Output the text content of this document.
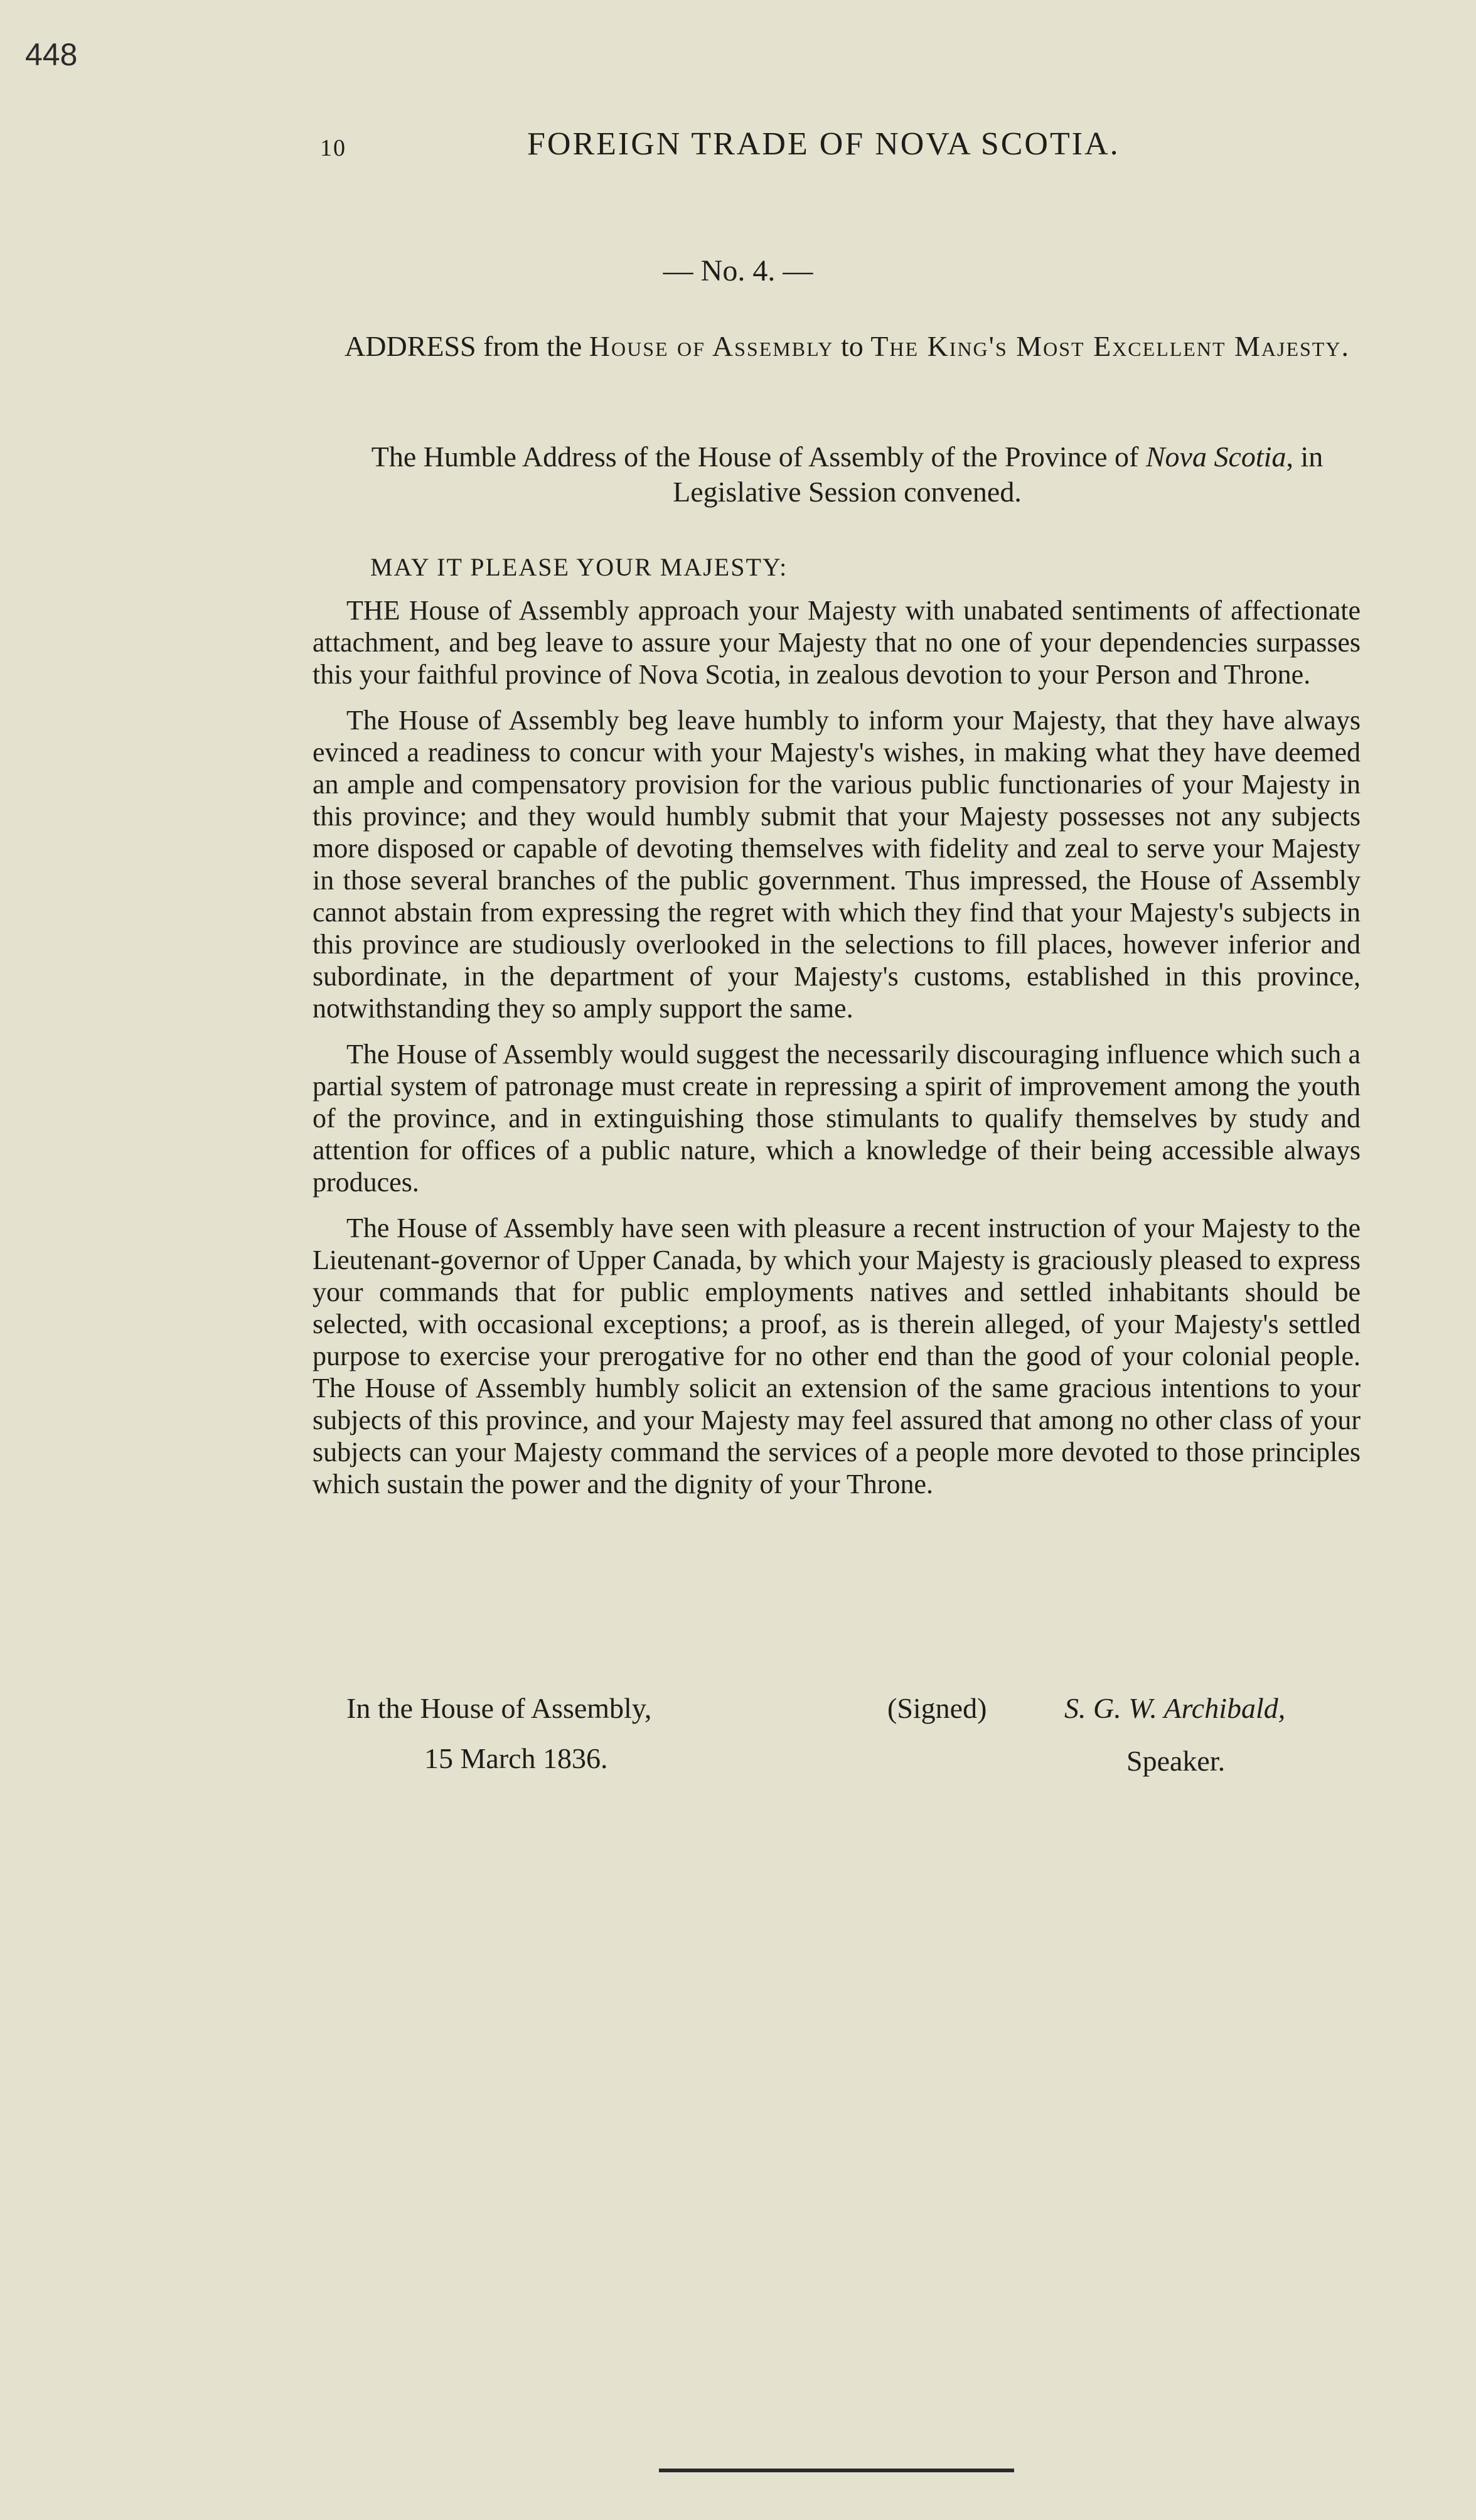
448
10	FOREIGN TRADE OF NOVA SCOTIA.
— No. 4. —
ADDRESS from the House of Assembly to The King's Most Excellent Majesty.
The Humble Address of the House of Assembly of the Province of Nova Scotia, in Legislative Session convened.
MAY IT PLEASE YOUR MAJESTY:

THE House of Assembly approach your Majesty with unabated sentiments of affectionate attachment, and beg leave to assure your Majesty that no one of your dependencies surpasses this your faithful province of Nova Scotia, in zealous devotion to your Person and Throne.

The House of Assembly beg leave humbly to inform your Majesty, that they have always evinced a readiness to concur with your Majesty's wishes, in making what they have deemed an ample and compensatory provision for the various public functionaries of your Majesty in this province; and they would humbly submit that your Majesty possesses not any subjects more disposed or capable of devoting themselves with fidelity and zeal to serve your Majesty in those several branches of the public government. Thus impressed, the House of Assembly cannot abstain from expressing the regret with which they find that your Majesty's subjects in this province are studiously overlooked in the selections to fill places, however inferior and subordinate, in the department of your Majesty's customs, established in this province, notwithstanding they so amply support the same.

The House of Assembly would suggest the necessarily discouraging influence which such a partial system of patronage must create in repressing a spirit of improvement among the youth of the province, and in extinguishing those stimulants to qualify themselves by study and attention for offices of a public nature, which a knowledge of their being accessible always produces.

The House of Assembly have seen with pleasure a recent instruction of your Majesty to the Lieutenant-governor of Upper Canada, by which your Majesty is graciously pleased to express your commands that for public employments natives and settled inhabitants should be selected, with occasional exceptions; a proof, as is therein alleged, of your Majesty's settled purpose to exercise your prerogative for no other end than the good of your colonial people. The House of Assembly humbly solicit an extension of the same gracious intentions to your subjects of this province, and your Majesty may feel assured that among no other class of your subjects can your Majesty command the services of a people more devoted to those principles which sustain the power and the dignity of your Throne.

In the House of Assembly,
15 March 1836.
(Signed)	S. G. W. Archibald,
Speaker.
